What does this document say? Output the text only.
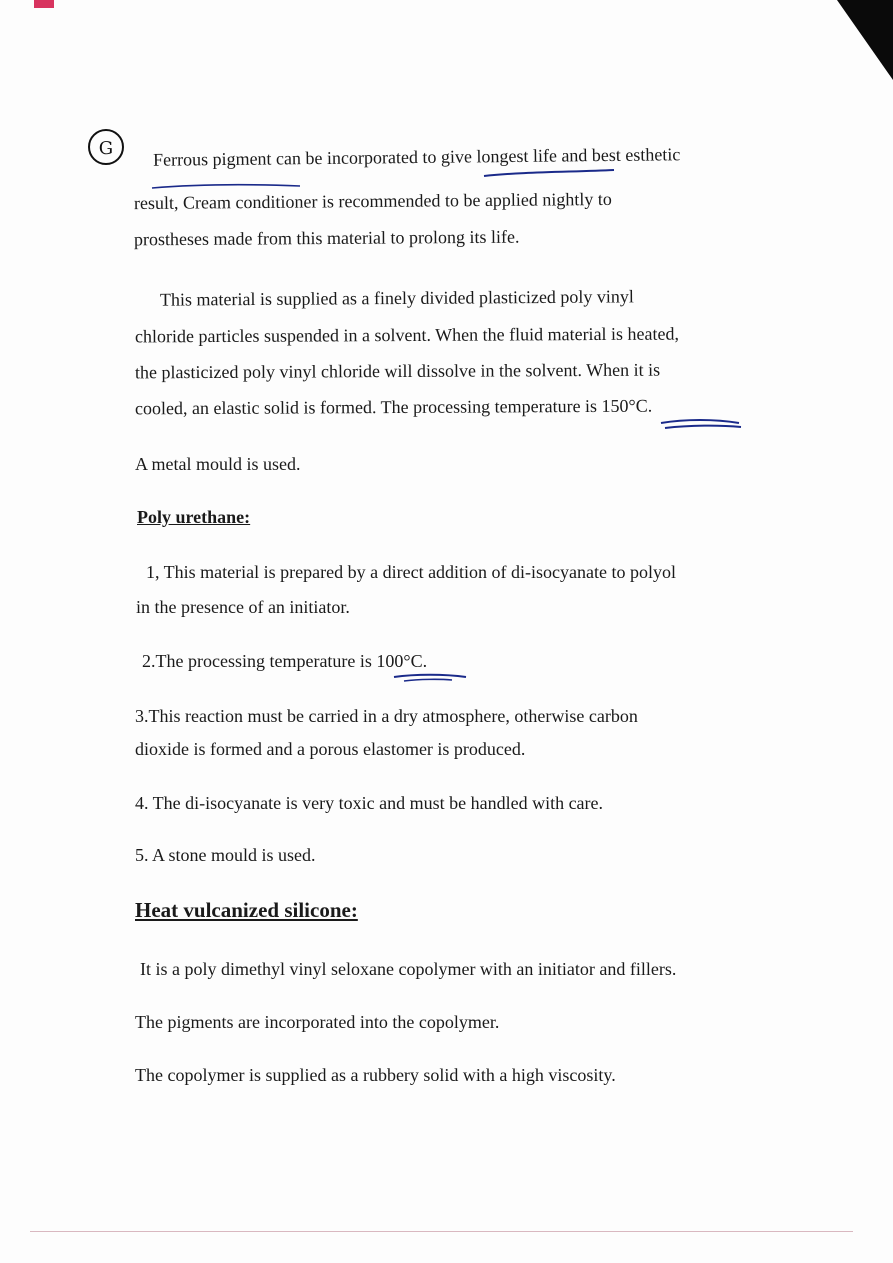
G Ferrous pigment can be incorporated to give longest life and best esthetic
result, Cream conditioner is recommended to be applied nightly to
prostheses made from this material to prolong its life.
This material is supplied as a finely divided plasticized poly vinyl
chloride particles suspended in a solvent. When the fluid material is heated,
the plasticized poly vinyl chloride will dissolve in the solvent. When it is
cooled, an elastic solid is formed. The processing temperature is 150°C.
A metal mould is used.
Poly urethane:
1, This material is prepared by a direct addition of di-isocyanate to polyol
in the presence of an initiator.
2.The processing temperature is 100°C.
3.This reaction must be carried in a dry atmosphere, otherwise carbon
dioxide is formed and a porous elastomer is produced.
4. The di-isocyanate is very toxic and must be handled with care.
5. A stone mould is used.
Heat vulcanized silicone:
It is a poly dimethyl vinyl seloxane copolymer with an initiator and fillers.
The pigments are incorporated into the copolymer.
The copolymer is supplied as a rubbery solid with a high viscosity.
